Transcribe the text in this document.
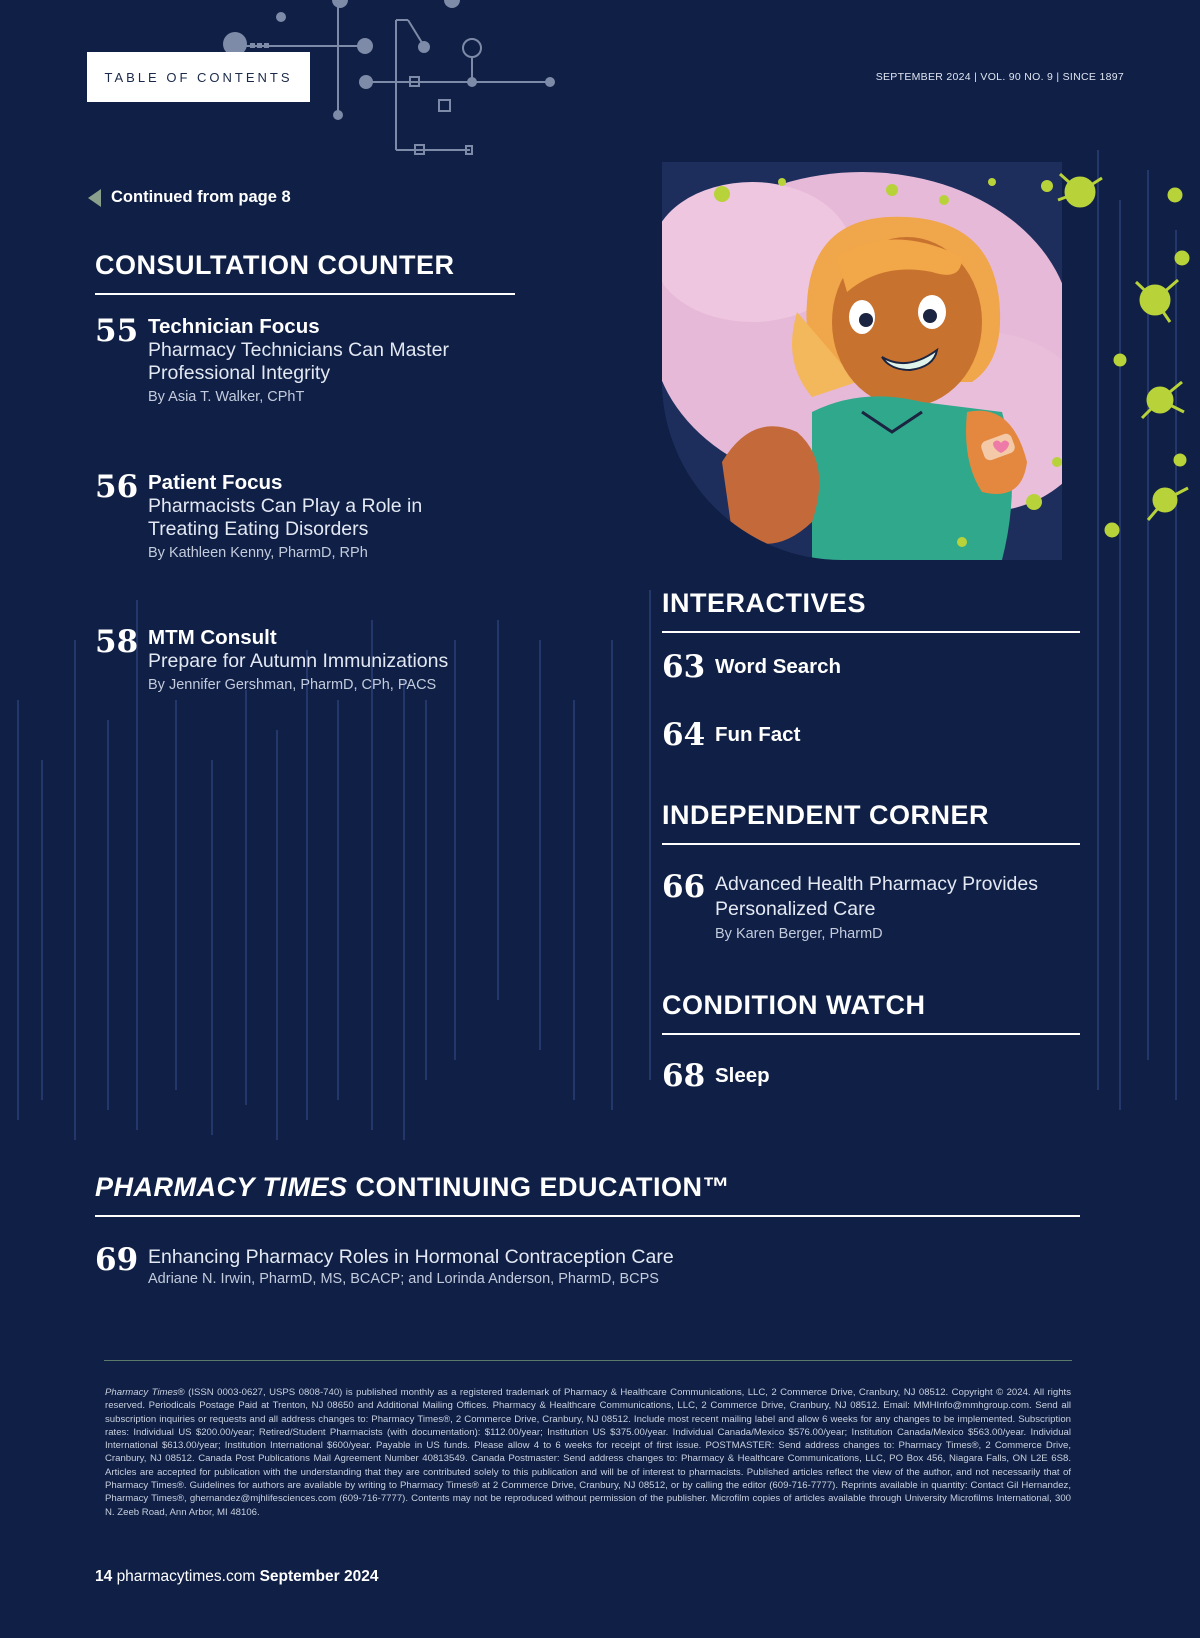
TABLE OF CONTENTS	SEPTEMBER 2024 | VOL. 90 NO. 9 | SINCE 1897
Continued from page 8
CONSULTATION COUNTER
55 Technician Focus
Pharmacy Technicians Can Master
Professional Integrity
By Asia T. Walker, CPhT
56 Patient Focus
Pharmacists Can Play a Role in
Treating Eating Disorders
By Kathleen Kenny, PharmD, RPh
58 MTM Consult
Prepare for Autumn Immunizations
By Jennifer Gershman, PharmD, CPh, PACS
INTERACTIVES
63 Word Search
64 Fun Fact
INDEPENDENT CORNER
66 Advanced Health Pharmacy Provides
Personalized Care
By Karen Berger, PharmD
CONDITION WATCH
68 Sleep
PHARMACY TIMES CONTINUING EDUCATION™
69 Enhancing Pharmacy Roles in Hormonal Contraception Care
Adriane N. Irwin, PharmD, MS, BCACP; and Lorinda Anderson, PharmD, BCPS
Pharmacy Times® (ISSN 0003-0627, USPS 0808-740) is published monthly as a registered trademark of Pharmacy & Healthcare Communications, LLC, 2 Commerce Drive, Cranbury, NJ 08512. Copyright © 2024. All rights reserved. Periodicals Postage Paid at Trenton, NJ 08650 and Additional Mailing Offices. Pharmacy & Healthcare Communications, LLC, 2 Commerce Drive, Cranbury, NJ 08512. Email: MMHInfo@mmhgroup.com. Send all subscription inquiries or requests and all address changes to: Pharmacy Times®, 2 Commerce Drive, Cranbury, NJ 08512. Include most recent mailing label and allow 6 weeks for any changes to be implemented. Subscription rates: Individual US $200.00/year; Retired/Student Pharmacists (with documentation): $112.00/year; Institution US $375.00/year. Individual Canada/Mexico $576.00/year; Institution Canada/Mexico $563.00/year. Individual International $613.00/year; Institution International $600/year. Payable in US funds. Please allow 4 to 6 weeks for receipt of first issue. POSTMASTER: Send address changes to: Pharmacy Times®, 2 Commerce Drive, Cranbury, NJ 08512. Canada Post Publications Mail Agreement Number 40813549. Canada Postmaster: Send address changes to: Pharmacy & Healthcare Communications, LLC, PO Box 456, Niagara Falls, ON L2E 6S8. Articles are accepted for publication with the understanding that they are contributed solely to this publication and will be of interest to pharmacists. Published articles reflect the view of the author, and not necessarily that of Pharmacy Times®. Guidelines for authors are available by writing to Pharmacy Times® at 2 Commerce Drive, Cranbury, NJ 08512, or by calling the editor (609-716-7777). Reprints available in quantity: Contact Gil Hernandez, Pharmacy Times®, ghernandez@mjhlifesciences.com (609-716-7777). Contents may not be reproduced without permission of the publisher. Microfilm copies of articles available through University Microfilms International, 300 N. Zeeb Road, Ann Arbor, MI 48106.
14 pharmacytimes.com September 2024
